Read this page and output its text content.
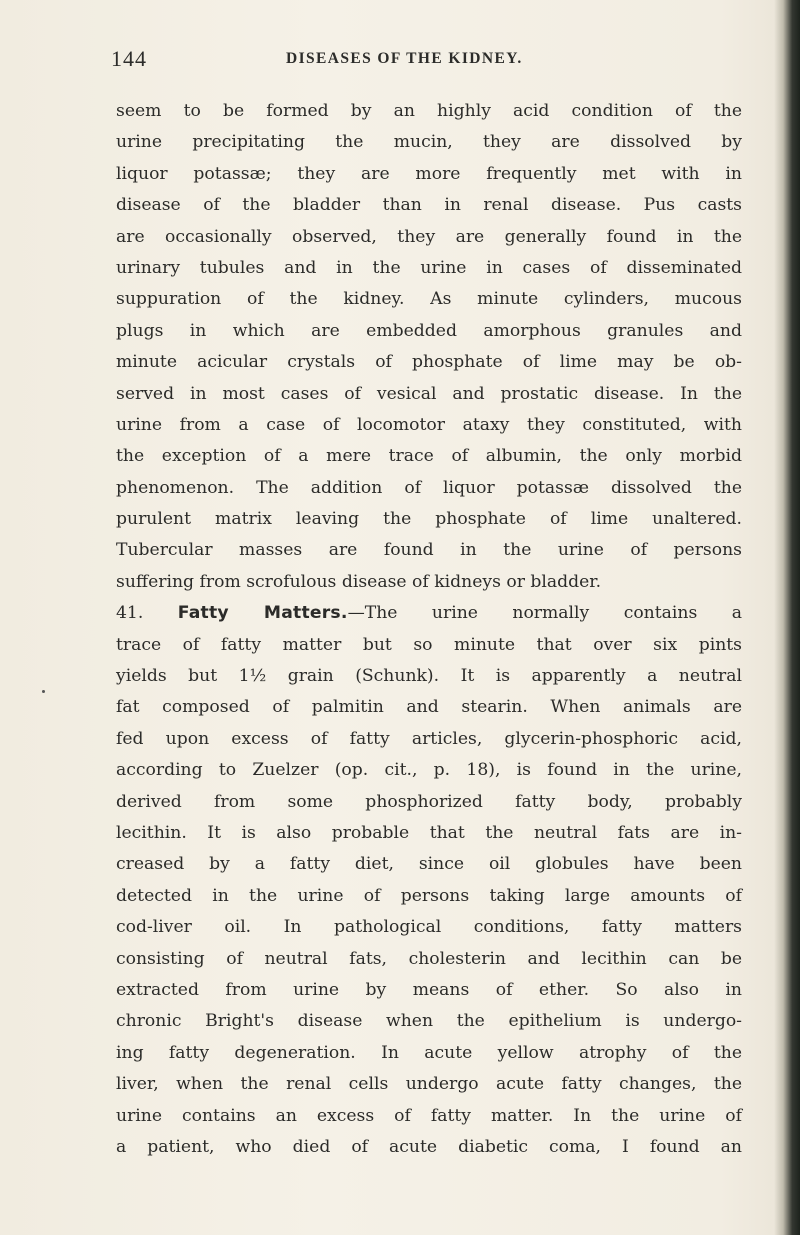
144	DISEASES OF THE KIDNEY.
seem to be formed by an highly acid condition of the
urine precipitating the mucin, they are dissolved by
liquor potassæ; they are more frequently met with in
disease of the bladder than in renal disease. Pus casts
are occasionally observed, they are generally found in the
urinary tubules and in the urine in cases of disseminated
suppuration of the kidney. As minute cylinders, mucous
plugs in which are embedded amorphous granules and
minute acicular crystals of phosphate of lime may be ob-
served in most cases of vesical and prostatic disease. In the
urine from a case of locomotor ataxy they constituted, with
the exception of a mere trace of albumin, the only morbid
phenomenon. The addition of liquor potassæ dissolved the
purulent matrix leaving the phosphate of lime unaltered.
Tubercular masses are found in the urine of persons
suffering from scrofulous disease of kidneys or bladder.
41. Fatty Matters.—The urine normally contains a
trace of fatty matter but so minute that over six pints
yields but 1½ grain (Schunk). It is apparently a neutral
fat composed of palmitin and stearin. When animals are
fed upon excess of fatty articles, glycerin-phosphoric acid,
according to Zuelzer (op. cit., p. 18), is found in the urine,
derived from some phosphorized fatty body, probably
lecithin. It is also probable that the neutral fats are in-
creased by a fatty diet, since oil globules have been
detected in the urine of persons taking large amounts of
cod-liver oil. In pathological conditions, fatty matters
consisting of neutral fats, cholesterin and lecithin can be
extracted from urine by means of ether. So also in
chronic Bright's disease when the epithelium is undergo-
ing fatty degeneration. In acute yellow atrophy of the
liver, when the renal cells undergo acute fatty changes, the
urine contains an excess of fatty matter. In the urine of
a patient, who died of acute diabetic coma, I found an
